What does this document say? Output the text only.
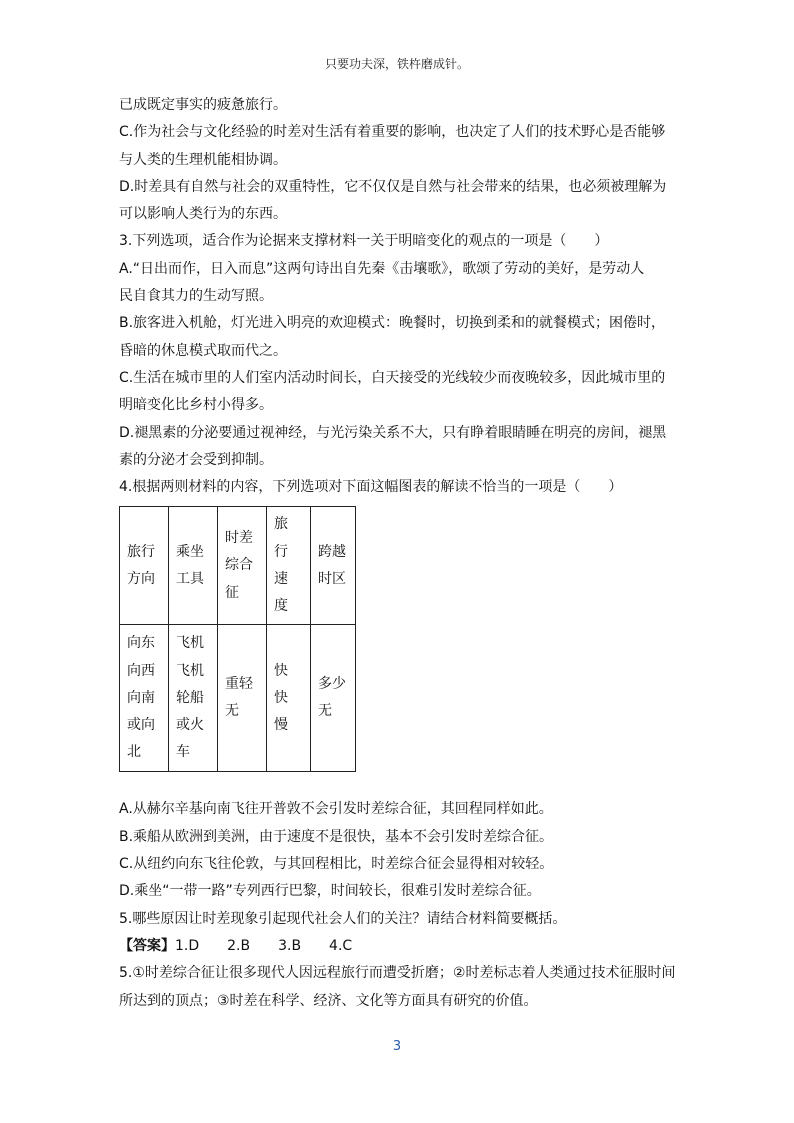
只要功夫深，铁杵磨成针。

已成既定事实的疲惫旅行。

C.作为社会与文化经验的时差对生活有着重要的影响，也决定了人们的技术野心是否能够

与人类的生理机能相协调。

D.时差具有自然与社会的双重特性，它不仅仅是自然与社会带来的结果，也必须被理解为

可以影响人类行为的东西。

3.下列选项，适合作为论据来支撑材料一关于明暗变化的观点的一项是（　　）

A.“日出而作，日入而息”这两句诗出自先秦《击壤歌》，歌颂了劳动的美好，是劳动人

民自食其力的生动写照。

B.旅客进入机舱，灯光进入明亮的欢迎模式：晚餐时，切换到柔和的就餐模式；困倦时，

昏暗的休息模式取而代之。

C.生活在城市里的人们室内活动时间长，白天接受的光线较少而夜晚较多，因此城市里的

明暗变化比乡村小得多。

D.褪黑素的分泌要通过视神经，与光污染关系不大，只有睁着眼睛睡在明亮的房间，褪黑

素的分泌才会受到抑制。

4.根据两则材料的内容，下列选项对下面这幅图表的解读不恰当的一项是（　　）

旅行方向	乘坐工具	时差综合征	旅行速度	跨越时区
向东向西向南或向北	飞机飞机轮船或火车	重轻无	快快慢	多少无

A.从赫尔辛基向南飞往开普敦不会引发时差综合征，其回程同样如此。

B.乘船从欧洲到美洲，由于速度不是很快，基本不会引发时差综合征。

C.从纽约向东飞往伦敦，与其回程相比，时差综合征会显得相对较轻。

D.乘坐“一带一路”专列西行巴黎，时间较长，很难引发时差综合征。

5.哪些原因让时差现象引起现代社会人们的关注？请结合材料简要概括。

【答案】1.D　　2.B　　3.B　　4.C

5.①时差综合征让很多现代人因远程旅行而遭受折磨；②时差标志着人类通过技术征服时间

所达到的顶点；③时差在科学、经济、文化等方面具有研究的价值。

3
